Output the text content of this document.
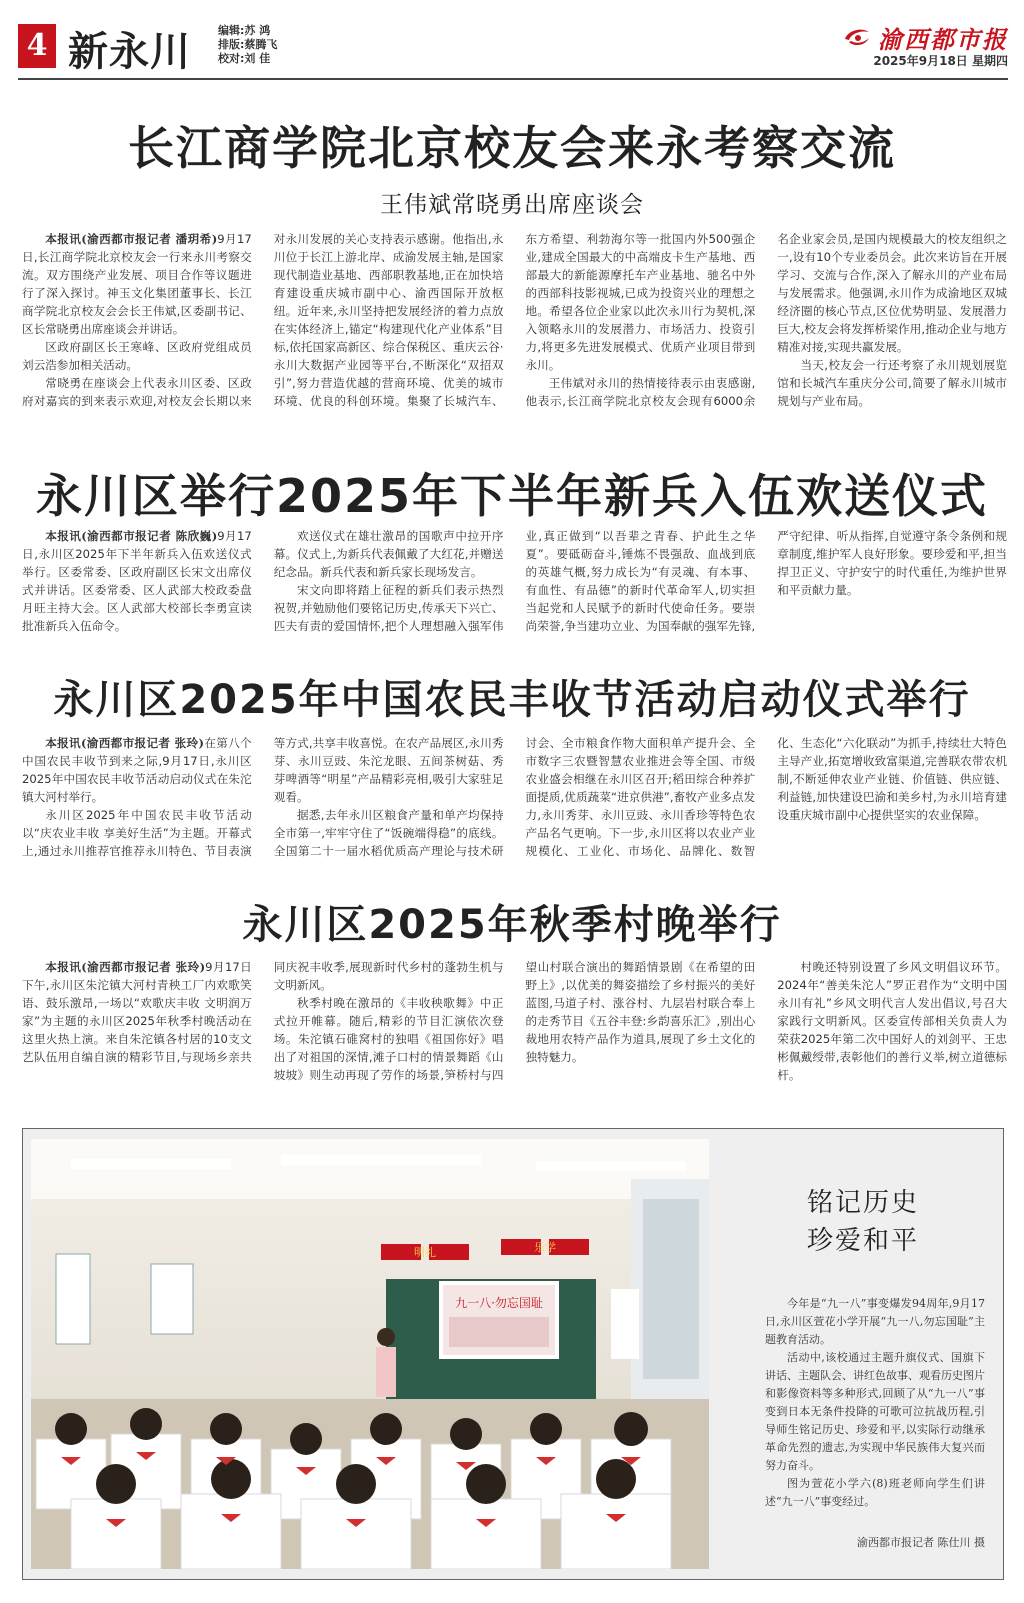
4 新永川 编辑:苏 鸿
排版:蔡腾飞
校对:刘 佳
渝西都市报
2025年9月18日 星期四
长江商学院北京校友会来永考察交流
王伟斌常晓勇出席座谈会

本报讯(渝西都市报记者 潘玥希)9月17日,长江商学院北京校友会一行来永川考察交流。双方围绕产业发展、项目合作等议题进行了深入探讨。神玉文化集团董事长、长江商学院北京校友会会长王伟斌,区委副书记、区长常晓勇出席座谈会并讲话。

区政府副区长王寒峰、区政府党组成员刘云浩参加相关活动。

常晓勇在座谈会上代表永川区委、区政府对嘉宾的到来表示欢迎,对校友会长期以来对永川发展的关心支持表示感谢。他指出,永川位于长江上游北岸、成渝发展主轴,是国家现代制造业基地、西部职教基地,正在加快培育建设重庆城市副中心、渝西国际开放枢纽。近年来,永川坚持把发展经济的着力点放在实体经济上,锚定“构建现代化产业体系”目标,依托国家高新区、综合保税区、重庆云谷·永川大数据产业园等平台,不断深化“双招双引”,努力营造优越的营商环境、优美的城市环境、优良的科创环境。集聚了长城汽车、东方希望、利勃海尔等一批国内外500强企业,建成全国最大的中高端皮卡生产基地、西部最大的新能源摩托车产业基地、驰名中外的西部科技影视城,已成为投资兴业的理想之地。希望各位企业家以此次永川行为契机,深入领略永川的发展潜力、市场活力、投资引力,将更多先进发展模式、优质产业项目带到永川。

王伟斌对永川的热情接待表示由衷感谢,他表示,长江商学院北京校友会现有6000余名企业家会员,是国内规模最大的校友组织之一,设有10个专业委员会。此次来访旨在开展学习、交流与合作,深入了解永川的产业布局与发展需求。他强调,永川作为成渝地区双城经济圈的核心节点,区位优势明显、发展潜力巨大,校友会将发挥桥梁作用,推动企业与地方精准对接,实现共赢发展。

当天,校友会一行还考察了永川规划展览馆和长城汽车重庆分公司,简要了解永川城市规划与产业布局。

永川区举行2025年下半年新兵入伍欢送仪式

本报讯(渝西都市报记者 陈欣巍)9月17日,永川区2025年下半年新兵入伍欢送仪式举行。区委常委、区政府副区长宋文出席仪式并讲话。区委常委、区人武部大校政委盘月旺主持大会。区人武部大校部长李勇宣读批准新兵入伍命令。

欢送仪式在雄壮激昂的国歌声中拉开序幕。仪式上,为新兵代表佩戴了大红花,并赠送纪念品。新兵代表和新兵家长现场发言。

宋文向即将踏上征程的新兵们表示热烈祝贺,并勉励他们要铭记历史,传承天下兴亡、匹夫有责的爱国情怀,把个人理想融入强军伟业,真正做到“以吾辈之青春、护此生之华夏”。要砥砺奋斗,锤炼不畏强敌、血战到底的英雄气概,努力成长为“有灵魂、有本事、有血性、有品德”的新时代革命军人,切实担当起党和人民赋予的新时代使命任务。要崇尚荣誉,争当建功立业、为国奉献的强军先锋,严守纪律、听从指挥,自觉遵守条令条例和规章制度,维护军人良好形象。要珍爱和平,担当捍卫正义、守护安宁的时代重任,为维护世界和平贡献力量。

永川区2025年中国农民丰收节活动启动仪式举行

本报讯(渝西都市报记者 张玲)在第八个中国农民丰收节到来之际,9月17日,永川区2025年中国农民丰收节活动启动仪式在朱沱镇大河村举行。

永川区2025年中国农民丰收节活动以“庆农业丰收 享美好生活”为主题。开幕式上,通过永川推荐官推荐永川特色、节目表演等方式,共享丰收喜悦。在农产品展区,永川秀芽、永川豆豉、朱沱龙眼、五间茶树菇、秀芽啤酒等“明星”产品精彩亮相,吸引大家驻足观看。

据悉,去年永川区粮食产量和单产均保持全市第一,牢牢守住了“饭碗端得稳”的底线。全国第二十一届水稻优质高产理论与技术研讨会、全市粮食作物大面积单产提升会、全市数字三农暨智慧农业推进会等全国、市级农业盛会相继在永川区召开;稻田综合种养扩面提质,优质蔬菜“进京供港”,畜牧产业多点发力,永川秀芽、永川豆豉、永川香珍等特色农产品名气更响。下一步,永川区将以农业产业规模化、工业化、市场化、品牌化、数智化、生态化“六化联动”为抓手,持续壮大特色主导产业,拓宽增收致富渠道,完善联农带农机制,不断延伸农业产业链、价值链、供应链、利益链,加快建设巴渝和美乡村,为永川培育建设重庆城市副中心提供坚实的农业保障。

永川区2025年秋季村晚举行

本报讯(渝西都市报记者 张玲)9月17日下午,永川区朱沱镇大河村青秧工厂内欢歌笑语、鼓乐激昂,一场以“欢歌庆丰收 文明润万家”为主题的永川区2025年秋季村晚活动在这里火热上演。来自朱沱镇各村居的10支文艺队伍用自编自演的精彩节目,与现场乡亲共同庆祝丰收季,展现新时代乡村的蓬勃生机与文明新风。

秋季村晚在激昂的《丰收秧歌舞》中正式拉开帷幕。随后,精彩的节目汇演依次登场。朱沱镇石碓窝村的独唱《祖国你好》唱出了对祖国的深情,滩子口村的情景舞蹈《山坡坡》则生动再现了劳作的场景,笋桥村与四望山村联合演出的舞蹈情景剧《在希望的田野上》,以优美的舞姿描绘了乡村振兴的美好蓝图,马道子村、涨谷村、九层岩村联合奉上的走秀节目《五谷丰登:乡韵喜乐汇》,别出心裁地用农特产品作为道具,展现了乡土文化的独特魅力。

村晚还特别设置了乡风文明倡议环节。2024年“善美朱沱人”罗正君作为“文明中国 永川有礼”乡风文明代言人发出倡议,号召大家践行文明新风。区委宣传部相关负责人为荣获2025年第二次中国好人的刘剑平、王忠彬佩戴绶带,表彰他们的善行义举,树立道德标杆。

明礼	乐学
九一八·勿忘国耻
铭记历史
珍爱和平

今年是“九一八”事变爆发94周年,9月17日,永川区萱花小学开展“九一八,勿忘国耻”主题教育活动。

活动中,该校通过主题升旗仪式、国旗下讲话、主题队会、讲红色故事、观看历史图片和影像资料等多种形式,回顾了从“九一八”事变到日本无条件投降的可歌可泣抗战历程,引导师生铭记历史、珍爱和平,以实际行动继承革命先烈的遗志,为实现中华民族伟大复兴而努力奋斗。

图为萱花小学六(8)班老师向学生们讲述“九一八”事变经过。

渝西都市报记者 陈仕川 摄
